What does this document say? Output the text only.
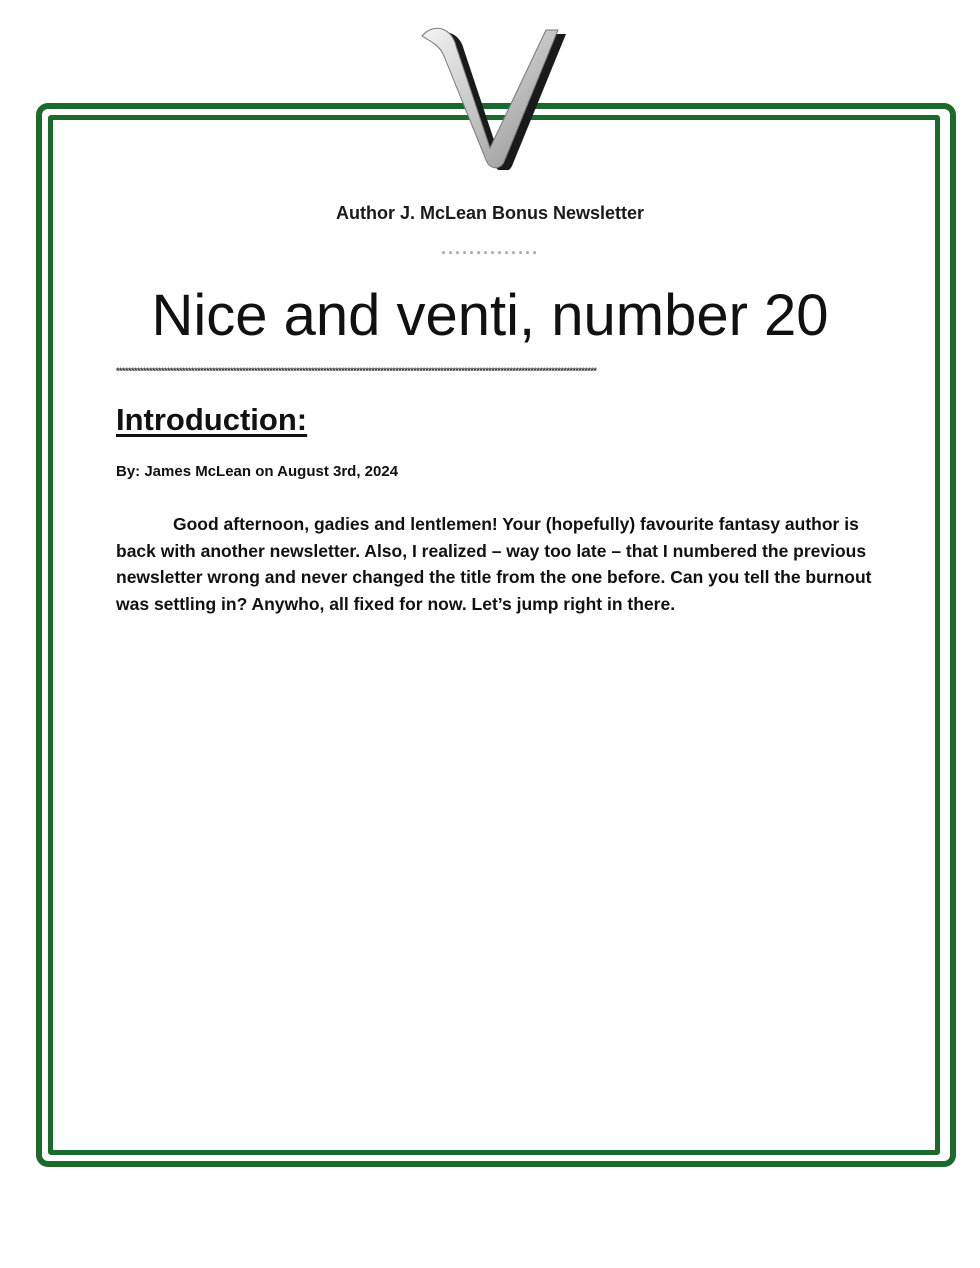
Author J. McLean Bonus Newsletter
··············
Nice and venti, number 20
****************************************************************************************************************************************************************
Introduction:
By: James McLean on August 3rd, 2024

Good afternoon, gadies and lentlemen! Your (hopefully) favourite fantasy author is back with another newsletter. Also, I realized – way too late – that I numbered the previous newsletter wrong and never changed the title from the one before. Can you tell the burnout was settling in? Anywho, all fixed for now. Let’s jump right in there.
